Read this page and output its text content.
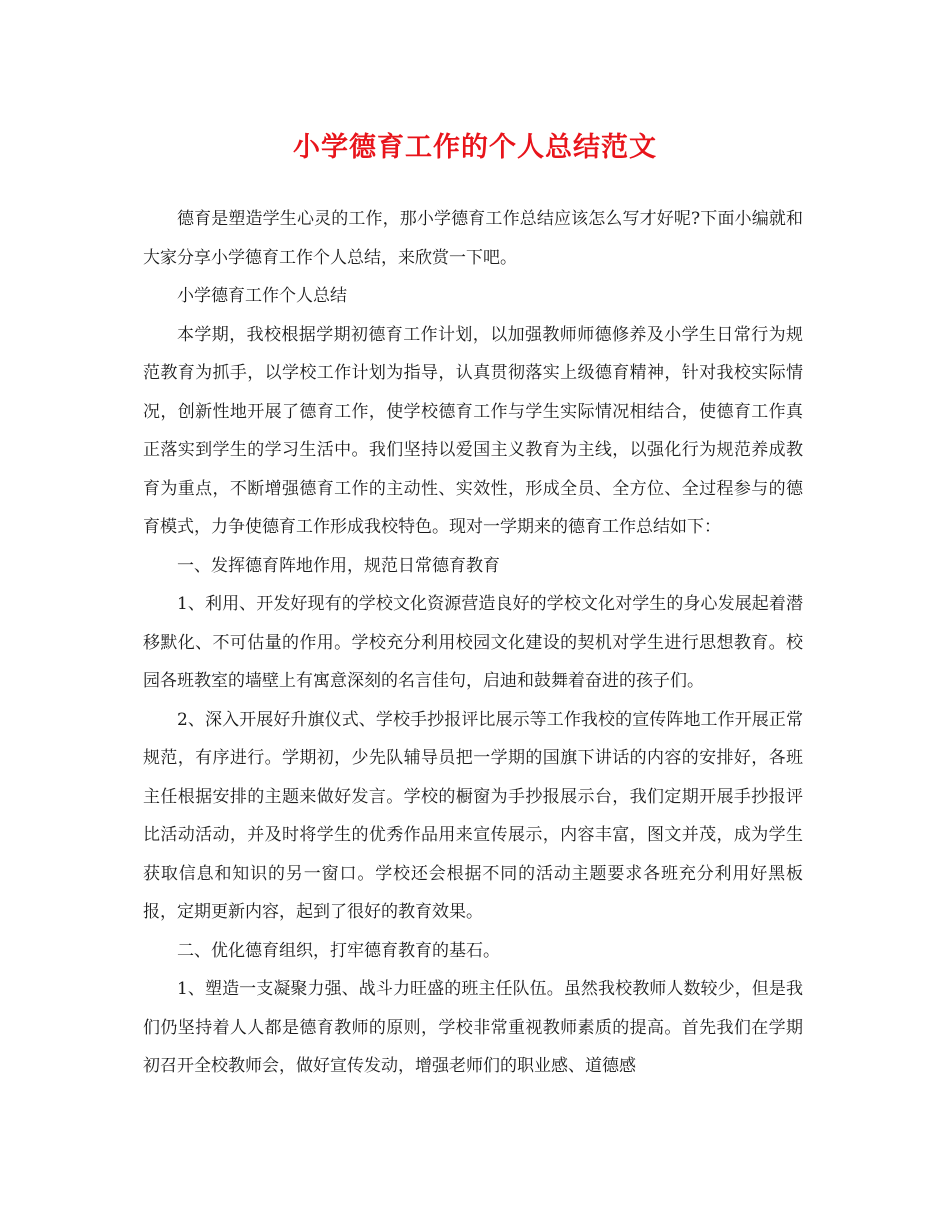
小学德育工作的个人总结范文

德育是塑造学生心灵的工作，那小学德育工作总结应该怎么写才好呢?下面小编就和大家分享小学德育工作个人总结，来欣赏一下吧。

小学德育工作个人总结

本学期，我校根据学期初德育工作计划，以加强教师师德修养及小学生日常行为规范教育为抓手，以学校工作计划为指导，认真贯彻落实上级德育精神，针对我校实际情况，创新性地开展了德育工作，使学校德育工作与学生实际情况相结合，使德育工作真正落实到学生的学习生活中。我们坚持以爱国主义教育为主线，以强化行为规范养成教育为重点，不断增强德育工作的主动性、实效性，形成全员、全方位、全过程参与的德育模式，力争使德育工作形成我校特色。现对一学期来的德育工作总结如下：

一、发挥德育阵地作用，规范日常德育教育

1、利用、开发好现有的学校文化资源营造良好的学校文化对学生的身心发展起着潜移默化、不可估量的作用。学校充分利用校园文化建设的契机对学生进行思想教育。校园各班教室的墙壁上有寓意深刻的名言佳句，启迪和鼓舞着奋进的孩子们。

2、深入开展好升旗仪式、学校手抄报评比展示等工作我校的宣传阵地工作开展正常规范，有序进行。学期初，少先队辅导员把一学期的国旗下讲话的内容的安排好，各班主任根据安排的主题来做好发言。学校的橱窗为手抄报展示台，我们定期开展手抄报评比活动活动，并及时将学生的优秀作品用来宣传展示，内容丰富，图文并茂，成为学生获取信息和知识的另一窗口。学校还会根据不同的活动主题要求各班充分利用好黑板报，定期更新内容，起到了很好的教育效果。

二、优化德育组织，打牢德育教育的基石。

1、塑造一支凝聚力强、战斗力旺盛的班主任队伍。虽然我校教师人数较少，但是我们仍坚持着人人都是德育教师的原则，学校非常重视教师素质的提高。首先我们在学期初召开全校教师会，做好宣传发动，增强老师们的职业感、道德感
